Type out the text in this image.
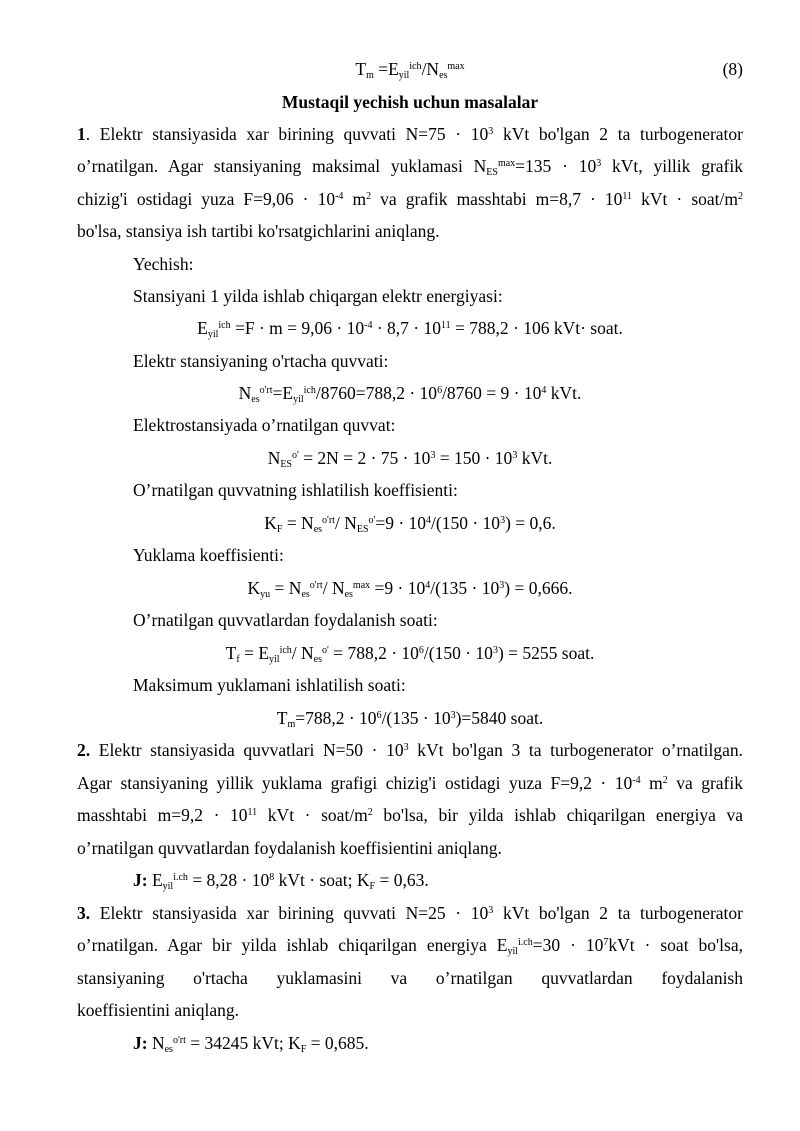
$T_m =E_{yil}^{ich}/N_{es}^{max}$	(8)
Mustaqil yechish uchun masalalar
1. Elektr stansiyasida xar birining quvvati $N=75 \cdot 10^3$ kVt bo'lgan 2 ta turbogenerator
o’rnatilgan. Agar stansiyaning maksimal yuklamasi $N_{ES}^{max}=135 \cdot 10^3$ kVt, yillik grafik
chizig'i ostidagi yuza $F=9,06 \cdot 10^{-4}$ $m^2$ va grafik masshtabi $m=8,7 \cdot 10^{11}$ kVt · soat/$m^2$
bo'lsa, stansiya ish tartibi ko'rsatgichlarini aniqlang.
Yechish:
Stansiyani 1 yilda ishlab chiqargan elektr energiyasi:
$E_{yil}^{ich} =F \cdot m = 9,06 \cdot 10^{-4} \cdot 8,7 \cdot 10^{11} = 788,2 \cdot 106$ kVt· soat.
Elektr stansiyaning o'rtacha quvvati:
$N_{es}^{o'rt}=E_{yil}^{ich}/8760=788,2 \cdot 10^6/8760 = 9 \cdot 10^4$ kVt.
Elektrostansiyada o’rnatilgan quvvat:
$N_{ES}^{o'} = 2N = 2 \cdot 75 \cdot 10^3 = 150 \cdot 10^3$ kVt.
O’rnatilgan quvvatning ishlatilish koeffisienti:
$K_F = N_{es}^{o'rt}/$ $N_{ES}^{o'}=9 \cdot 10^4/(150 \cdot 10^3) = 0,6$.
Yuklama koeffisienti:
$K_{yu} = N_{es}^{o'rt}/$ $N_{es}^{max} =9 \cdot 10^4/(135 \cdot 10^3) = 0,666$.
O’rnatilgan quvvatlardan foydalanish soati:
$T_f = E_{yil}^{ich}/$ $N_{es}^{o'} = 788,2 \cdot 10^6/(150 \cdot 10^3) = 5255$ soat.
Maksimum yuklamani ishlatilish soati:
$T_m=788,2 \cdot 10^6/(135 \cdot 10^3)=5840$ soat.
2. Elektr stansiyasida quvvatlari $N=50 \cdot 10^3$ kVt bo'lgan 3 ta turbogenerator o’rnatilgan.
Agar stansiyaning yillik yuklama grafigi chizig'i ostidagi yuza $F=9,2 \cdot 10^{-4}$ $m^2$ va grafik
masshtabi $m=9,2 \cdot 10^{11}$ kVt · soat/$m^2$ bo'lsa, bir yilda ishlab chiqarilgan energiya va
o’rnatilgan quvvatlardan foydalanish koeffisientini aniqlang.
J: $E_{yil}^{i.ch} = 8,28 \cdot 10^8$ kVt · soat; $K_F = 0,63$.
3. Elektr stansiyasida xar birining quvvati $N=25 \cdot 10^3$ kVt bo'lgan 2 ta turbogenerator
o’rnatilgan. Agar bir yilda ishlab chiqarilgan energiya $E_{yil}^{i.ch}=30 \cdot 10^7kVt$ · soat bo'lsa,
stansiyaning o'rtacha yuklamasini va o’rnatilgan quvvatlardan foydalanish
koeffisientini aniqlang.
J: $N_{es}^{o'rt} = 34245$ kVt; $K_F = 0,685$.
